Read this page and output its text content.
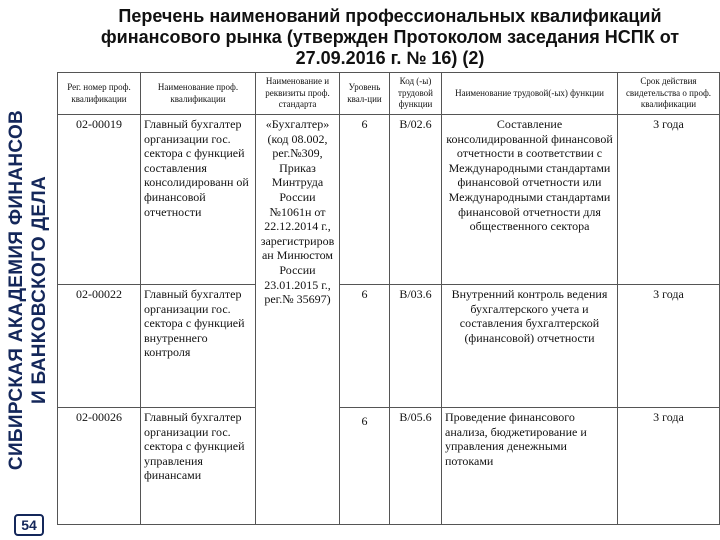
СИБИРСКАЯ АКАДЕМИЯ ФИНАНСОВ И БАНКОВСКОГО ДЕЛА
54
Перечень наименований профессиональных квалификаций
финансового рынка (утвержден Протоколом заседания НСПК от
27.09.2016 г. № 16) (2)
Рег. номер проф. квалификации	Наименование проф. квалификации	Наименование и реквизиты проф. стандарта	Уровень квал-ции	Код (-ы) трудовой функции	Наименование трудовой(-ых) функции	Срок действия свидетельства о проф. квалификации
02-00019	Главный бухгалтер организации гос. сектора с функцией составления консолидированн ой финансовой отчетности	«Бухгалтер» (код 08.002, рег.№309, Приказ Минтруда России №1061н от 22.12.2014 г., зарегистриров ан Минюстом России 23.01.2015 г., рег.№ 35697)	6	В/02.6	Составление консолидированной финансовой отчетности в соответствии с Международными стандартами финансовой отчетности или Международными стандартами финансовой отчетности для общественного сектора	3 года
02-00022	Главный бухгалтер организации гос. сектора с функцией внутреннего контроля		6	В/03.6	Внутренний контроль ведения бухгалтерского учета и составления бухгалтерской (финансовой) отчетности	3 года
02-00026	Главный бухгалтер организации гос. сектора с функцией управления финансами		6	В/05.6	Проведение финансового анализа, бюджетирование и управления денежными потоками	3 года
